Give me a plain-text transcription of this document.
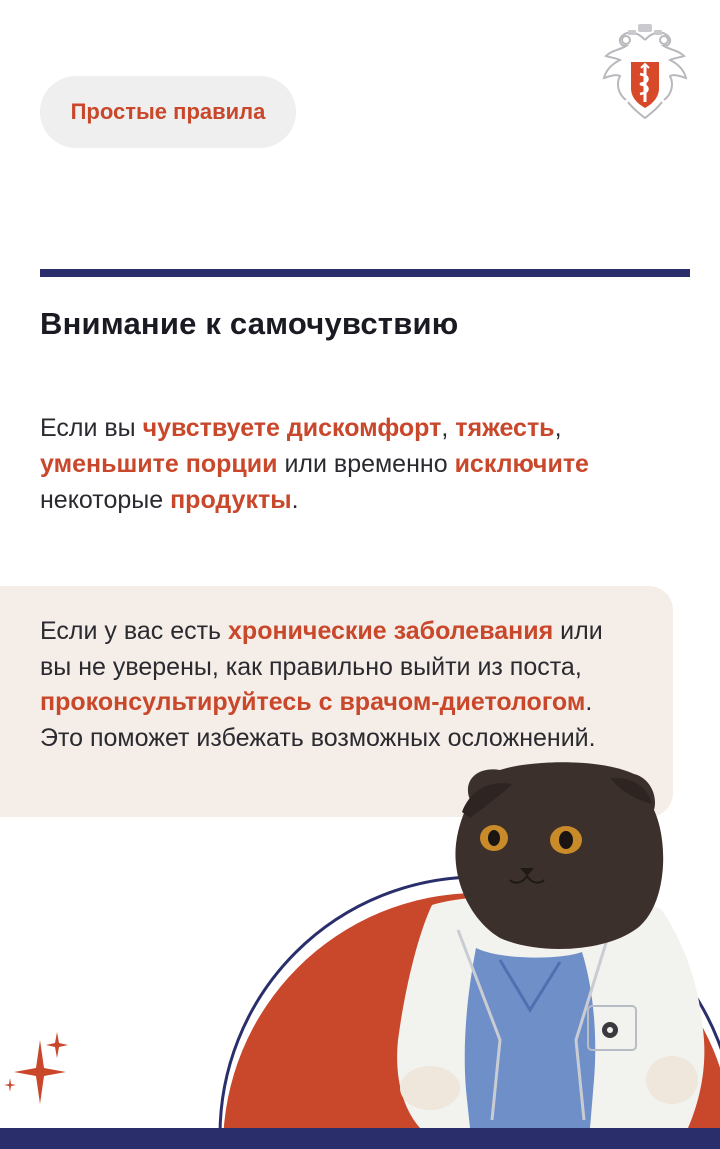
Простые правила
Внимание к самочувствию
Если вы чувствуете дискомфорт, тяжесть, уменьшите порции или временно исключите некоторые продукты.
Если у вас есть хронические заболевания или вы не уверены, как правильно выйти из поста, проконсультируйтесь с врачом-диетологом. Это поможет избежать возможных осложнений.
